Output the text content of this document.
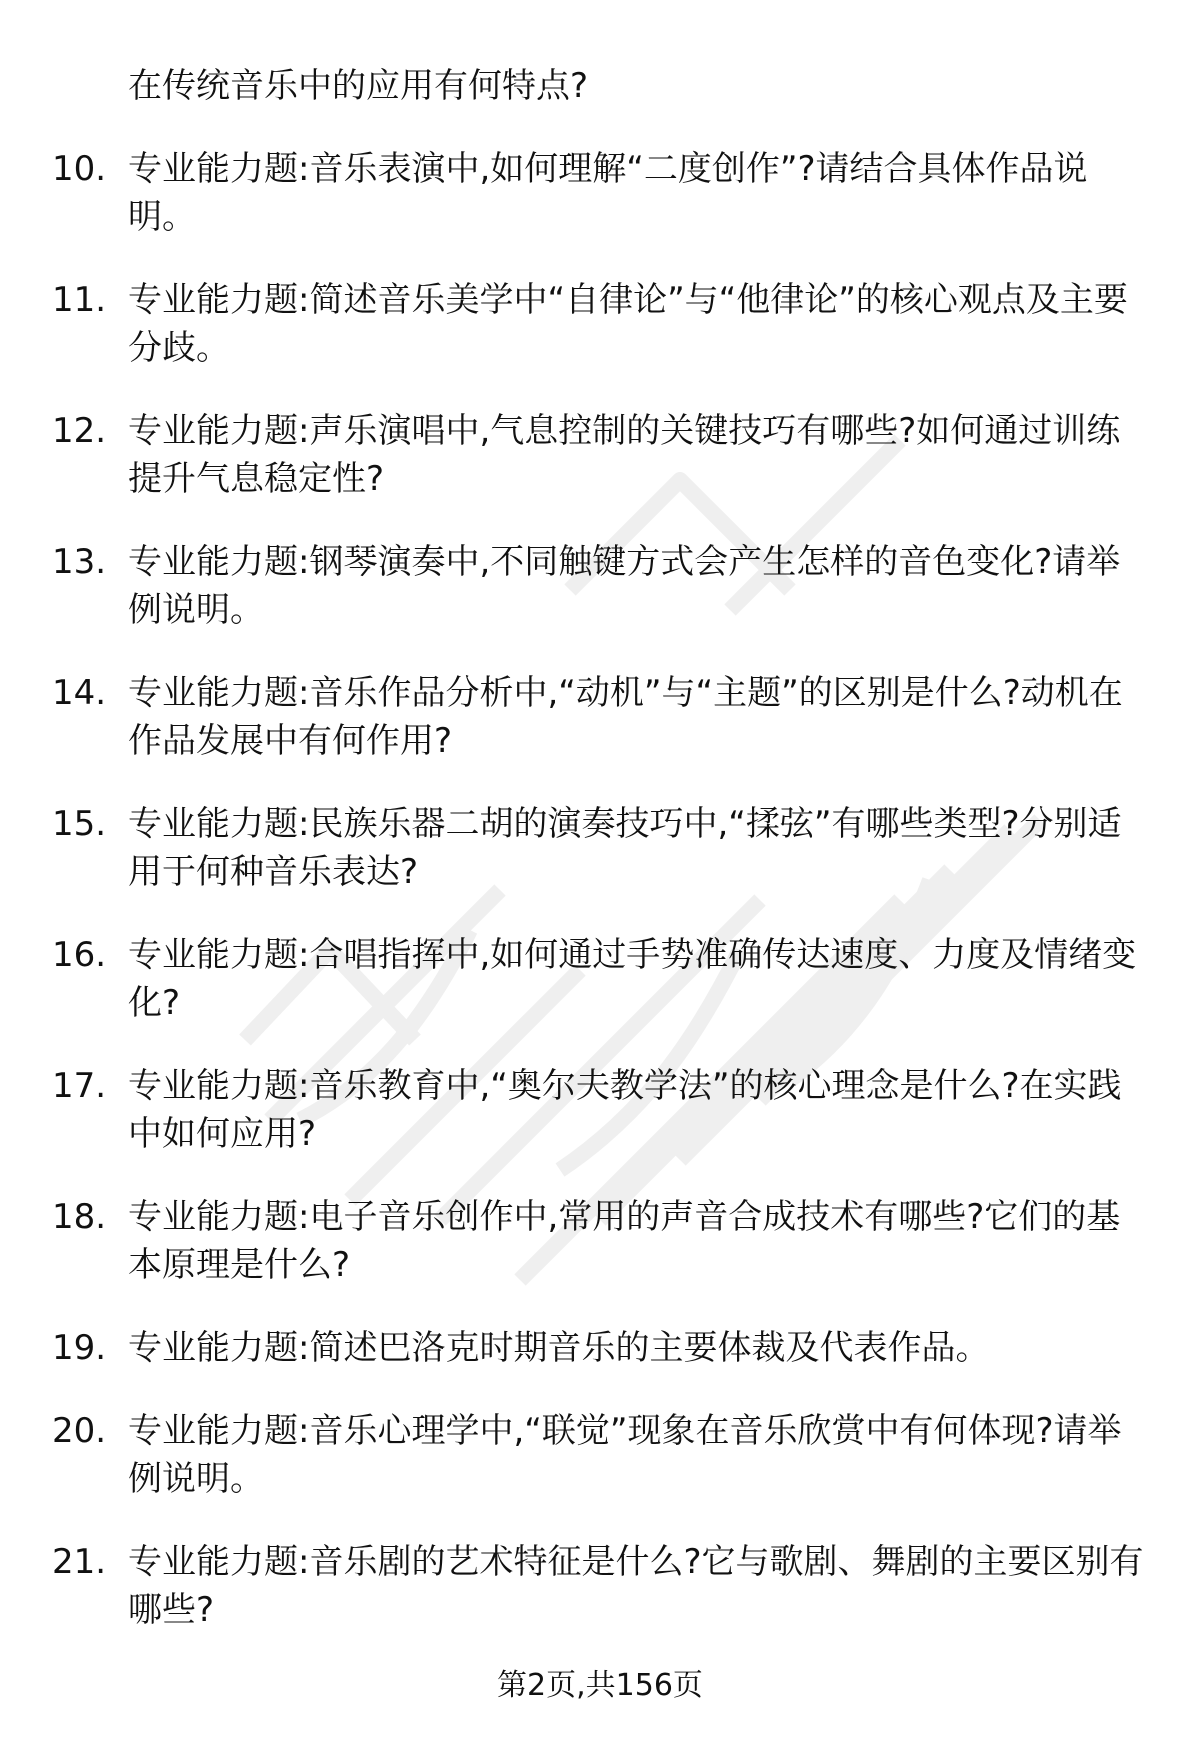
在传统音乐中的应用有何特点?

10. 专业能力题:音乐表演中,如何理解“二度创作”?请结合具体作品说明。
11. 专业能力题:简述音乐美学中“自律论”与“他律论”的核心观点及主要分歧。
12. 专业能力题:声乐演唱中,气息控制的关键技巧有哪些?如何通过训练提升气息稳定性?
13. 专业能力题:钢琴演奏中,不同触键方式会产生怎样的音色变化?请举例说明。
14. 专业能力题:音乐作品分析中,“动机”与“主题”的区别是什么?动机在作品发展中有何作用?
15. 专业能力题:民族乐器二胡的演奏技巧中,“揉弦”有哪些类型?分别适用于何种音乐表达?
16. 专业能力题:合唱指挥中,如何通过手势准确传达速度、力度及情绪变化?
17. 专业能力题:音乐教育中,“奥尔夫教学法”的核心理念是什么?在实践中如何应用?
18. 专业能力题:电子音乐创作中,常用的声音合成技术有哪些?它们的基本原理是什么?
19. 专业能力题:简述巴洛克时期音乐的主要体裁及代表作品。
20. 专业能力题:音乐心理学中,“联觉”现象在音乐欣赏中有何体现?请举例说明。
21. 专业能力题:音乐剧的艺术特征是什么?它与歌剧、舞剧的主要区别有哪些?
第2页,共156页
